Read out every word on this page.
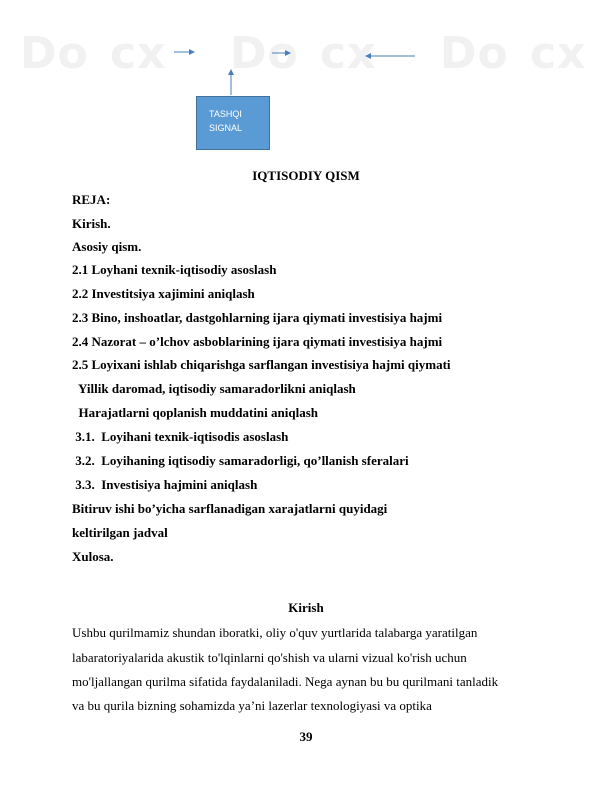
Do cx Do cx Do cx
TASHQI
SIGNAL
IQTISODIY QISM
REJA:
Kirish.
Asosiy qism.
2.1 Loyhani texnik-iqtisodiy asoslash
2.2 Investitsiya xajimini aniqlash
2.3 Bino, inshoatlar, dastgohlarning ijara qiymati investisiya hajmi
2.4 Nazorat – o’lchov asboblarining ijara qiymati investisiya hajmi
2.5 Loyixani ishlab chiqarishga sarflangan investisiya hajmi qiymati
Yillik daromad, iqtisodiy samaradorlikni aniqlash
Harajatlarni qoplanish muddatini aniqlash
3.1.  Loyihani texnik-iqtisodis asoslash
3.2.  Loyihaning iqtisodiy samaradorligi, qo’llanish sferalari
3.3.  Investisiya hajmini aniqlash
Bitiruv ishi bo’yicha sarflanadigan xarajatlarni quyidagi
keltirilgan jadval
Xulosa.
Kirish
Ushbu qurilmamiz shundan iboratki, oliy o'quv yurtlarida talabarga yaratilgan
labaratoriyalarida akustik to'lqinlarni qo'shish va ularni vizual ko'rish uchun
mo'ljallangan qurilma sifatida faydalaniladi. Nega aynan bu bu qurilmani tanladik
va bu qurila bizning sohamizda ya’ni lazerlar texnologiyasi va optika
39
